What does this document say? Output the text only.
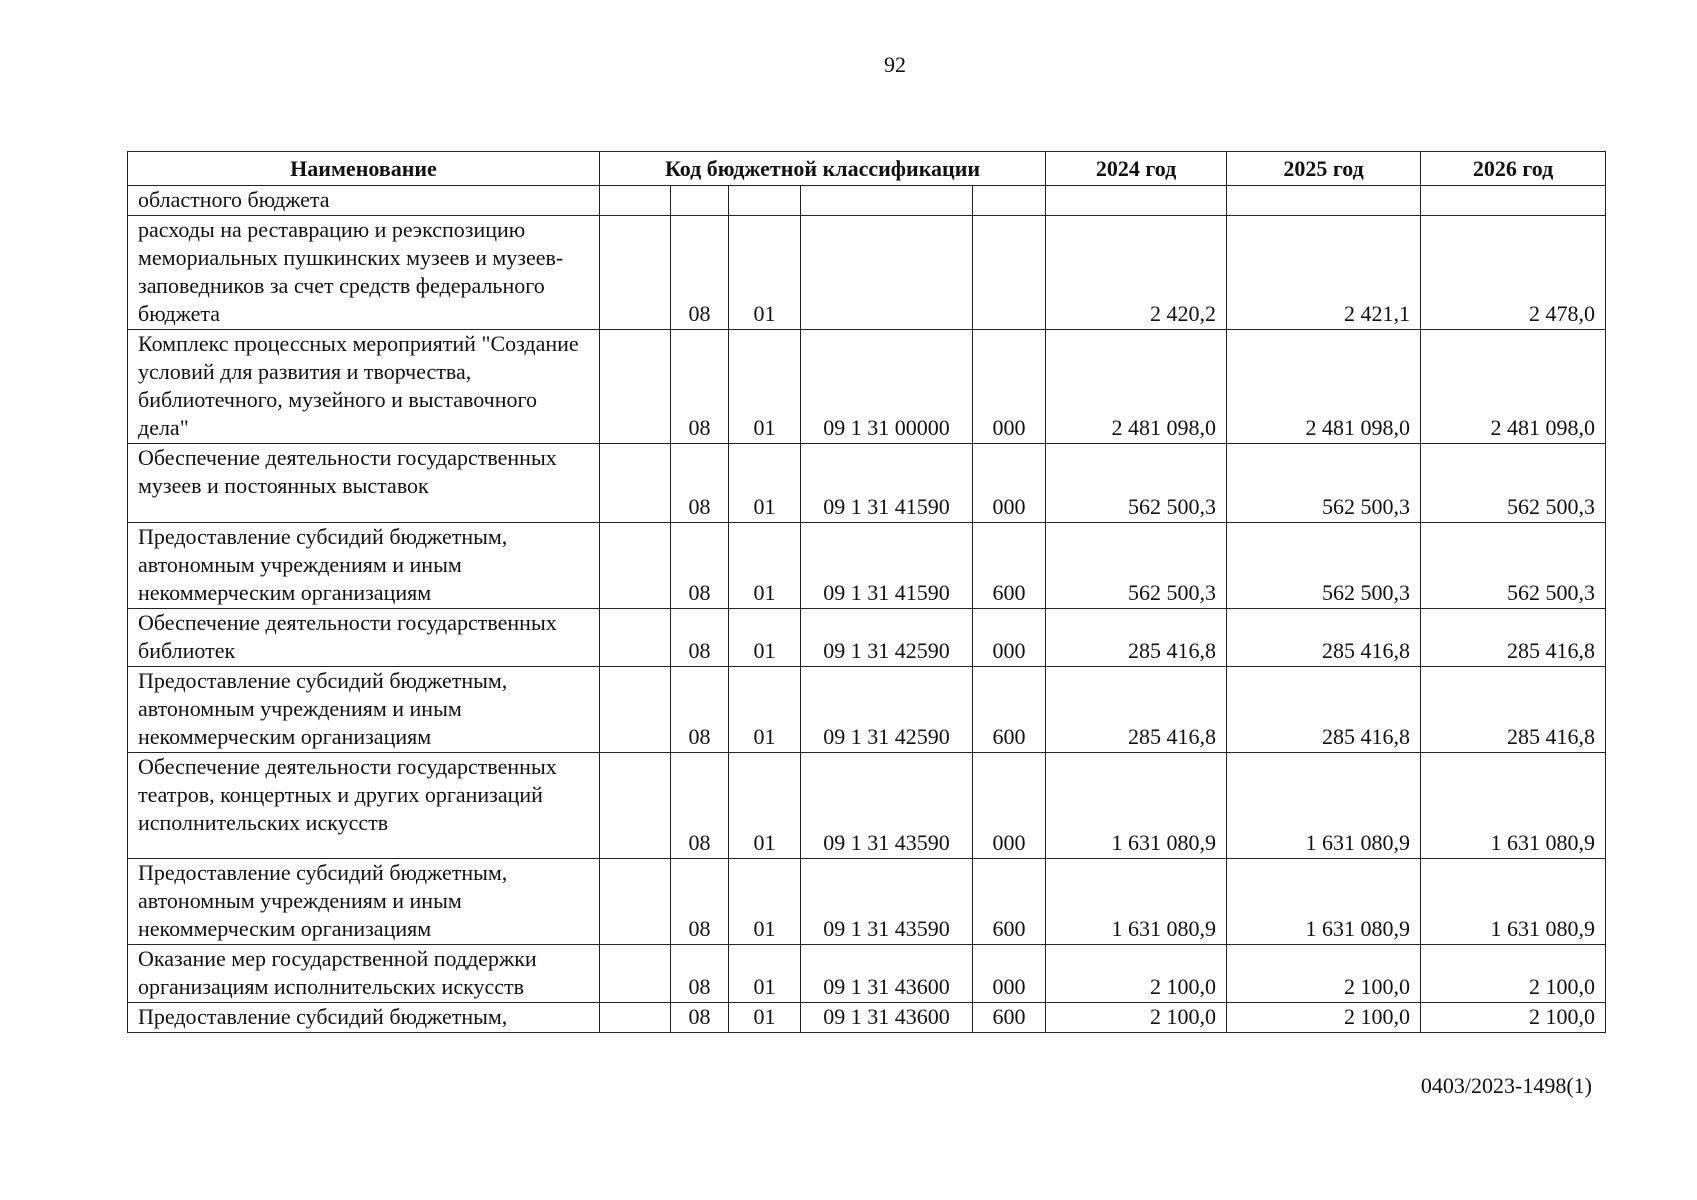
92
Наименование	Код бюджетной классификации					2024 год	2025 год	2026 год
областного бюджета								
расходы на реставрацию и реэкспозицию мемориальных пушкинских музеев и музеев-заповедников за счет средств федерального бюджета		08	01			2 420,2	2 421,1	2 478,0
Комплекс процессных мероприятий "Создание условий для развития и творчества, библиотечного, музейного и выставочного дела"		08	01	09 1 31 00000	000	2 481 098,0	2 481 098,0	2 481 098,0
Обеспечение деятельности государственных музеев и постоянных выставок		08	01	09 1 31 41590	000	562 500,3	562 500,3	562 500,3
Предоставление субсидий бюджетным, автономным учреждениям и иным некоммерческим организациям		08	01	09 1 31 41590	600	562 500,3	562 500,3	562 500,3
Обеспечение деятельности государственных библиотек		08	01	09 1 31 42590	000	285 416,8	285 416,8	285 416,8
Предоставление субсидий бюджетным, автономным учреждениям и иным некоммерческим организациям		08	01	09 1 31 42590	600	285 416,8	285 416,8	285 416,8
Обеспечение деятельности государственных театров, концертных и других организаций исполнительских искусств		08	01	09 1 31 43590	000	1 631 080,9	1 631 080,9	1 631 080,9
Предоставление субсидий бюджетным, автономным учреждениям и иным некоммерческим организациям		08	01	09 1 31 43590	600	1 631 080,9	1 631 080,9	1 631 080,9
Оказание мер государственной поддержки организациям исполнительских искусств		08	01	09 1 31 43600	000	2 100,0	2 100,0	2 100,0
Предоставление субсидий бюджетным,		08	01	09 1 31 43600	600	2 100,0	2 100,0	2 100,0
0403/2023-1498(1)
